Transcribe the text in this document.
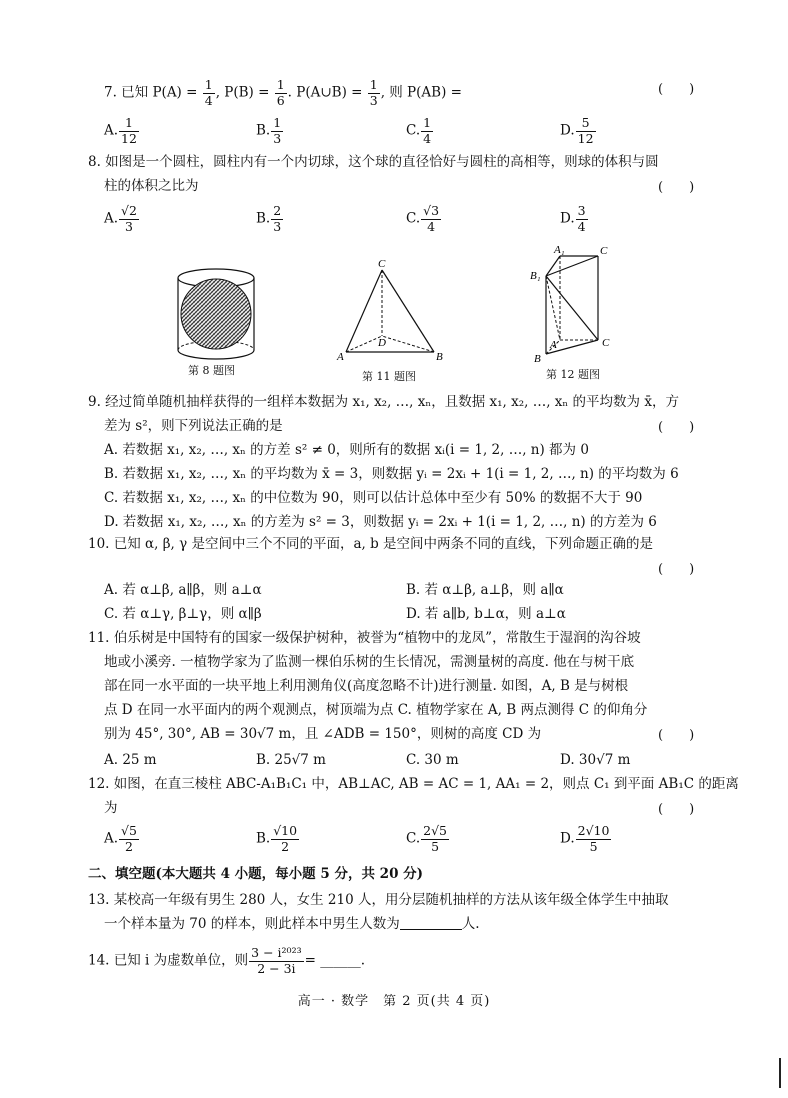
7. 已知 $P(A) = \frac{1}{4}$ , $P(B) = \frac{1}{6}$ . P(A∪B) = $\frac{1}{3}$ , 则 P(AB) =	(　　)
A. $\frac{1}{12}$	B. $\frac{1}{3}$	C. $\frac{1}{4}$	D. $\frac{5}{12}$
8. 如图是一个圆柱，圆柱内有一个内切球，这个球的直径恰好与圆柱的高相等，则球的体积与圆
柱的体积之比为	(　　)
A. $\frac{√2}{3}$	B. $\frac{2}{3}$	C. $\frac{√3}{4}$	D. $\frac{3}{4}$
第 8 题图
C
A	B
D
第 11 题图
A₁	C
B₁
A
B
C
第 12 题图
9. 经过简单随机抽样获得的一组样本数据为 x₁, x₂, …, xₙ，且数据 x₁, x₂, …, xₙ 的平均数为 x̄，方
差为 s²，则下列说法正确的是	(　　)
A. 若数据 x₁, x₂, …, xₙ 的方差 s² ≠ 0，则所有的数据 xᵢ(i = 1, 2, …, n) 都为 0
B. 若数据 x₁, x₂, …, xₙ 的平均数为 x̄ = 3，则数据 yᵢ = 2xᵢ + 1(i = 1, 2, …, n) 的平均数为 6
C. 若数据 x₁, x₂, …, xₙ 的中位数为 90，则可以估计总体中至少有 50% 的数据不大于 90
D. 若数据 x₁, x₂, …, xₙ 的方差为 s² = 3，则数据 yᵢ = 2xᵢ + 1(i = 1, 2, …, n) 的方差为 6
10. 已知 α, β, γ 是空间中三个不同的平面，a, b 是空间中两条不同的直线，下列命题正确的是
(　　)
A. 若 α⊥β, a∥β，则 a⊥α	B. 若 α⊥β, a⊥β，则 a∥α
C. 若 α⊥γ, β⊥γ，则 α∥β	D. 若 a∥b, b⊥α，则 a⊥α
11. 伯乐树是中国特有的国家一级保护树种，被誉为“植物中的龙凤”，常散生于湿润的沟谷坡
地或小溪旁. 一植物学家为了监测一棵伯乐树的生长情况，需测量树的高度. 他在与树干底
部在同一水平面的一块平地上利用测角仪(高度忽略不计)进行测量. 如图，A, B 是与树根
点 D 在同一水平面内的两个观测点，树顶端为点 C. 植物学家在 A, B 两点测得 C 的仰角分
别为 45°, 30°, AB = 30√7 m，且 ∠ADB = 150°，则树的高度 CD 为	(　　)
A. 25 m	B. 25√7 m	C. 30 m	D. 30√7 m
12. 如图，在直三棱柱 ABC-A₁B₁C₁ 中，AB⊥AC, AB = AC = 1, AA₁ = 2，则点 C₁ 到平面 AB₁C 的距离
为	(　　)
A. $\frac{√5}{2}$	B. $\frac{√10}{2}$	C. $\frac{2√5}{5}$	D. $\frac{2√10}{5}$
二、填空题(本大题共 4 小题，每小题 5 分，共 20 分)
13. 某校高一年级有男生 280 人，女生 210 人，用分层随机抽样的方法从该年级全体学生中抽取
一个样本量为 70 的样本，则此样本中男生人数为	人.
14. 已知 i 为虚数单位，则 $\frac{\text{3 − i²⁰²³}}{2 - 3i}$ = ______.
高一 · 数学　第 2 页(共 4 页)
